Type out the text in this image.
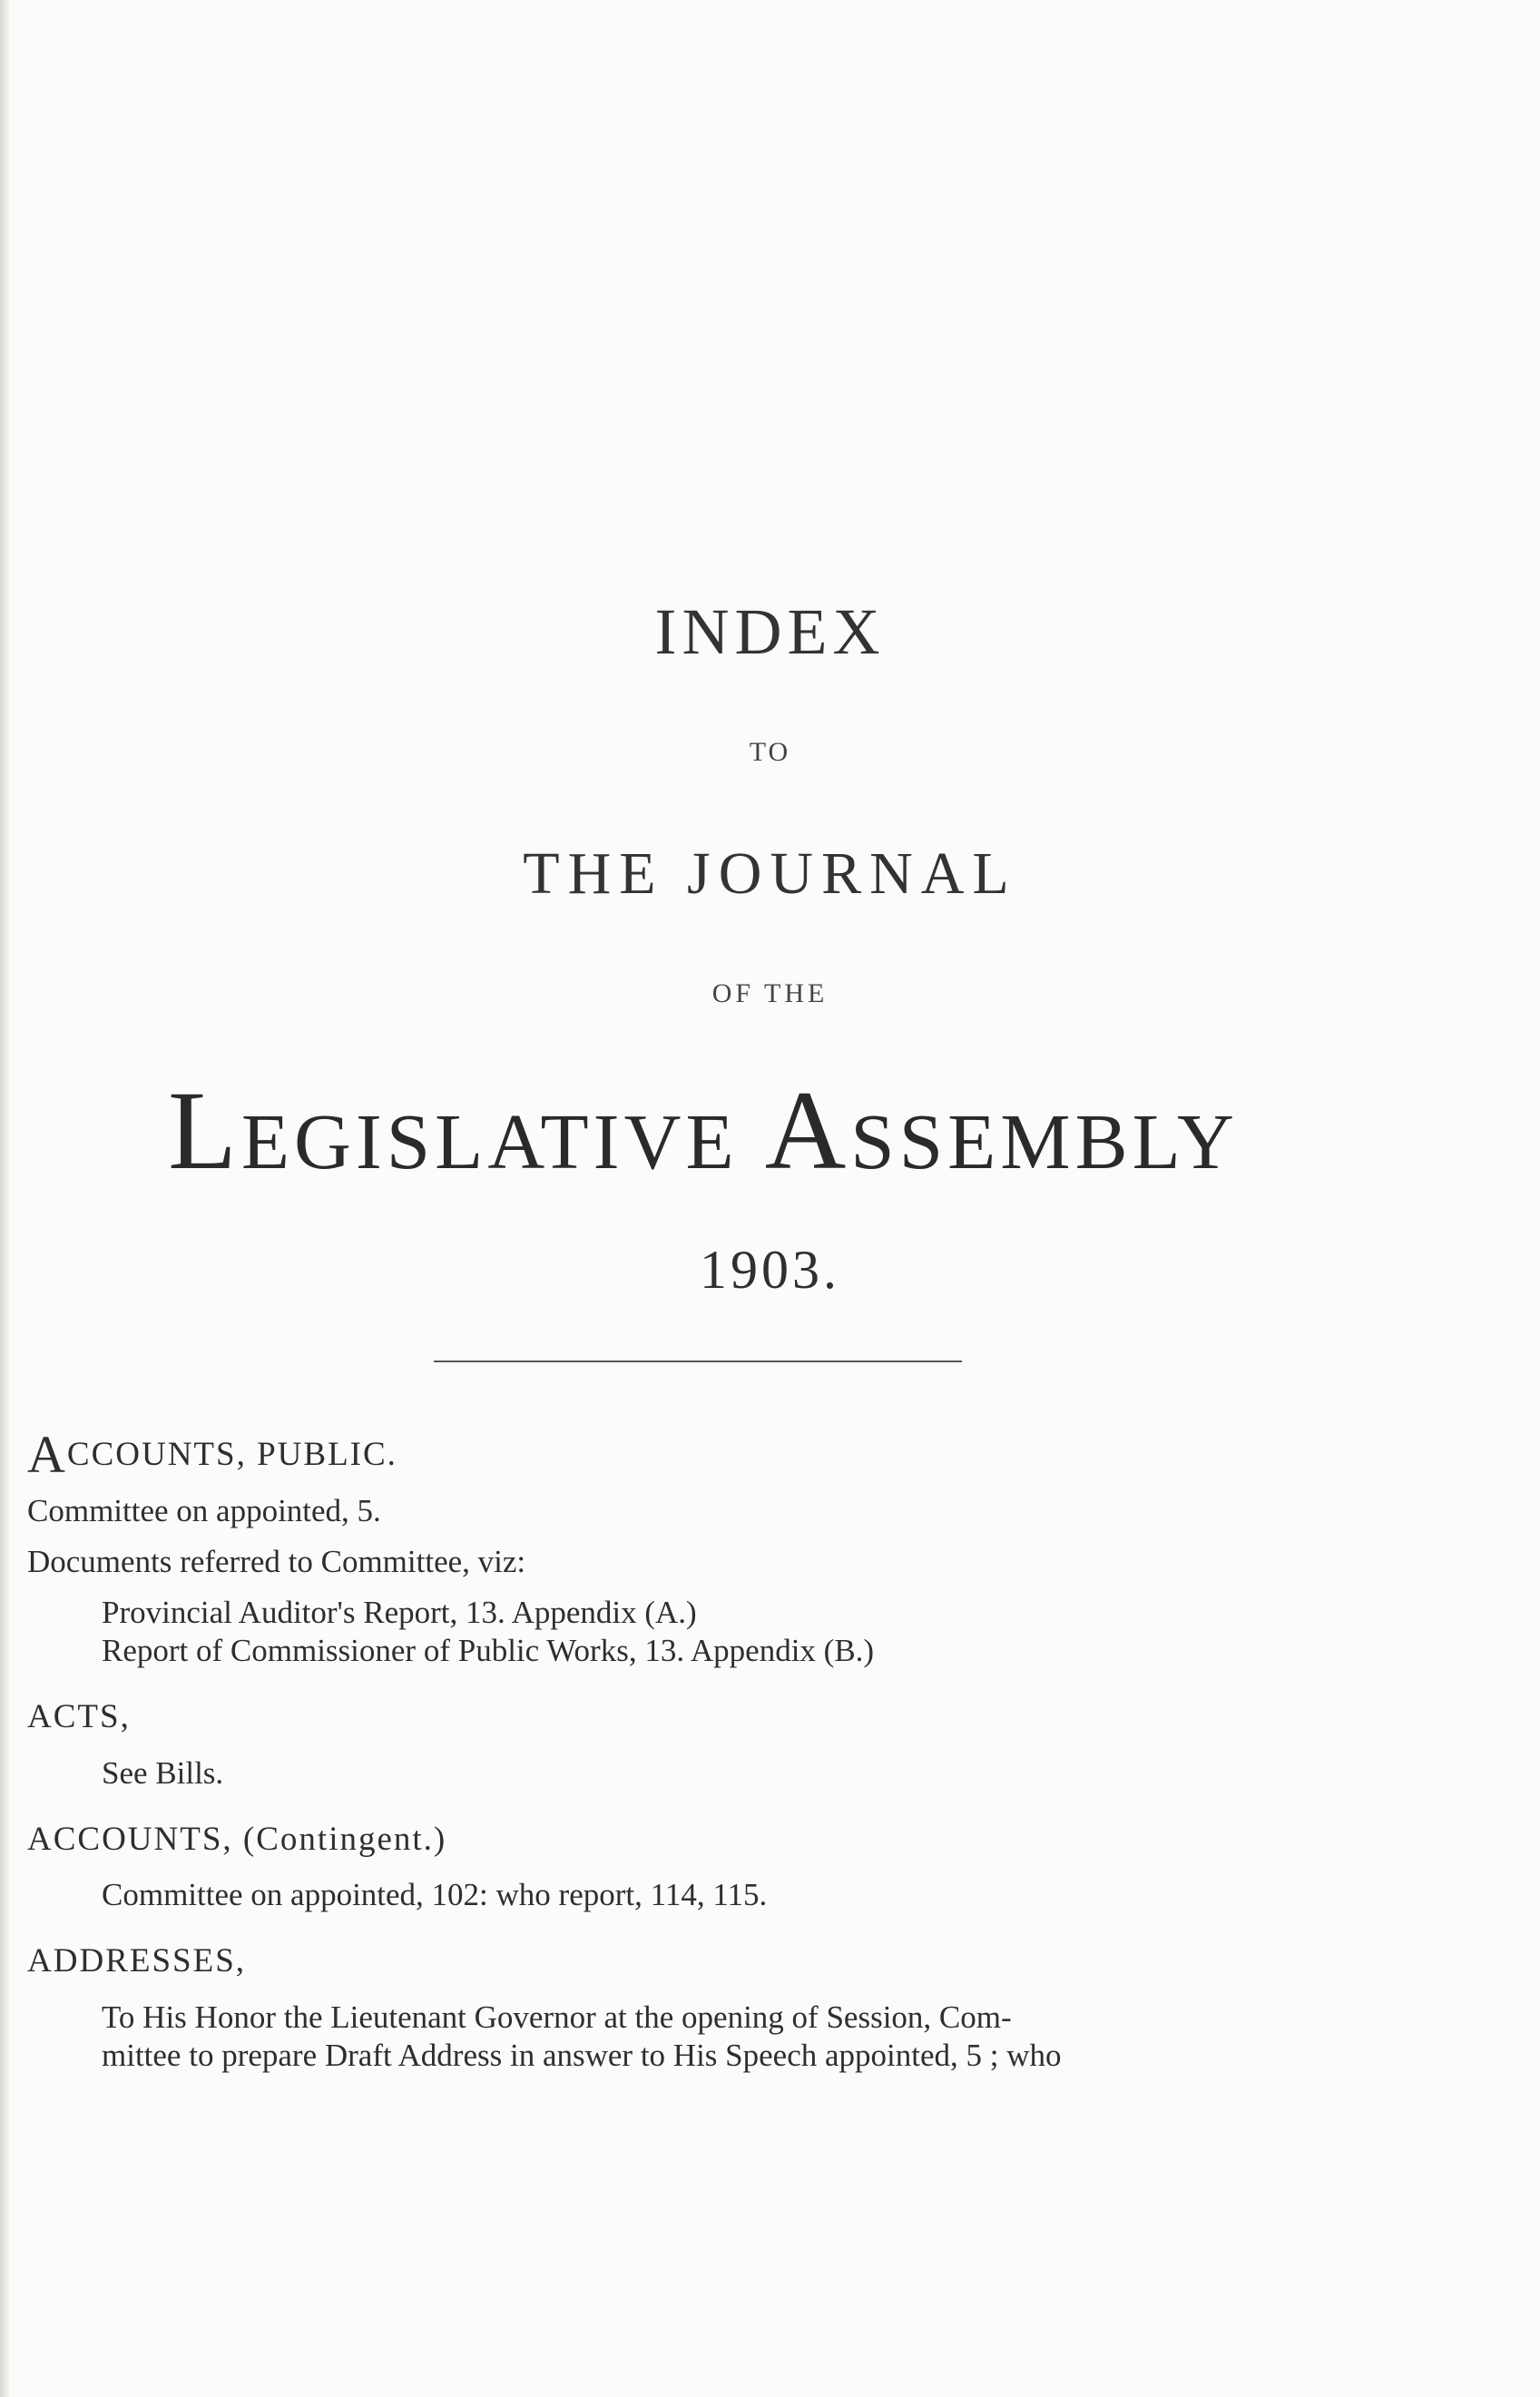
INDEX
TO
THE JOURNAL
OF THE
Legislative Assembly
1903.
ACCOUNTS, PUBLIC.
Committee on appointed, 5.
Documents referred to Committee, viz:
Provincial Auditor's Report, 13. Appendix (A.)
Report of Commissioner of Public Works, 13. Appendix (B.)
ACTS,
See Bills.
ACCOUNTS, (Contingent.)
Committee on appointed, 102: who report, 114, 115.
ADDRESSES,
To His Honor the Lieutenant Governor at the opening of Session, Com-
mittee to prepare Draft Address in answer to His Speech appointed, 5 ; who
